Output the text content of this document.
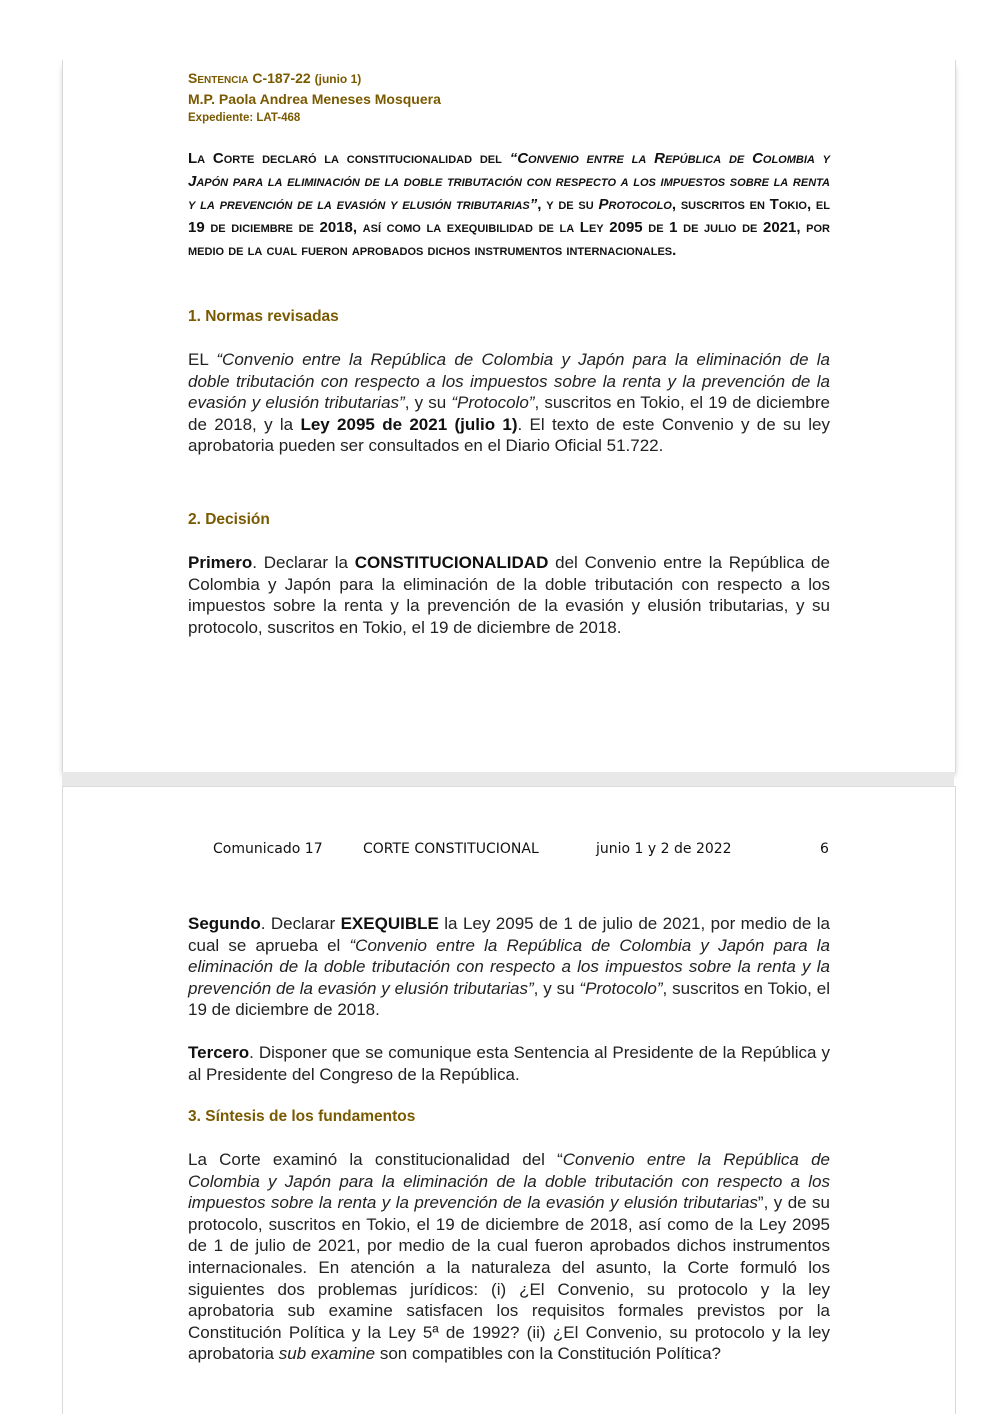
Sentencia C-187-22 (junio 1)

M.P. Paola Andrea Meneses Mosquera

Expediente: LAT-468

La Corte declaró la constitucionalidad del “Convenio entre la República de Colombia y Japón para la eliminación de la doble tributación con respecto a los impuestos sobre la renta y la prevención de la evasión y elusión tributarias”, y de su Protocolo, suscritos en Tokio, el 19 de diciembre de 2018, así como la exequibilidad de la Ley 2095 de 1 de julio de 2021, por medio de la cual fueron aprobados dichos instrumentos internacionales.

1. Normas revisadas

EL “Convenio entre la República de Colombia y Japón para la eliminación de la doble tributación con respecto a los impuestos sobre la renta y la prevención de la evasión y elusión tributarias”, y su “Protocolo”, suscritos en Tokio, el 19 de diciembre de 2018, y la Ley 2095 de 2021 (julio 1). El texto de este Convenio y de su ley aprobatoria pueden ser consultados en el Diario Oficial 51.722.

2. Decisión

Primero. Declarar la CONSTITUCIONALIDAD del Convenio entre la República de Colombia y Japón para la eliminación de la doble tributación con respecto a los impuestos sobre la renta y la prevención de la evasión y elusión tributarias, y su protocolo, suscritos en Tokio, el 19 de diciembre de 2018.

Comunicado 17	CORTE CONSTITUCIONAL	junio 1 y 2 de 2022	6

Segundo. Declarar EXEQUIBLE la Ley 2095 de 1 de julio de 2021, por medio de la cual se aprueba el “Convenio entre la República de Colombia y Japón para la eliminación de la doble tributación con respecto a los impuestos sobre la renta y la prevención de la evasión y elusión tributarias”, y su “Protocolo”, suscritos en Tokio, el 19 de diciembre de 2018.

Tercero. Disponer que se comunique esta Sentencia al Presidente de la República y al Presidente del Congreso de la República.

3. Síntesis de los fundamentos

La Corte examinó la constitucionalidad del “Convenio entre la República de Colombia y Japón para la eliminación de la doble tributación con respecto a los impuestos sobre la renta y la prevención de la evasión y elusión tributarias”, y de su protocolo, suscritos en Tokio, el 19 de diciembre de 2018, así como de la Ley 2095 de 1 de julio de 2021, por medio de la cual fueron aprobados dichos instrumentos internacionales. En atención a la naturaleza del asunto, la Corte formuló los siguientes dos problemas jurídicos: (i) ¿El Convenio, su protocolo y la ley aprobatoria sub examine satisfacen los requisitos formales previstos por la Constitución Política y la Ley 5ª de 1992? (ii) ¿El Convenio, su protocolo y la ley aprobatoria sub examine son compatibles con la Constitución Política?
